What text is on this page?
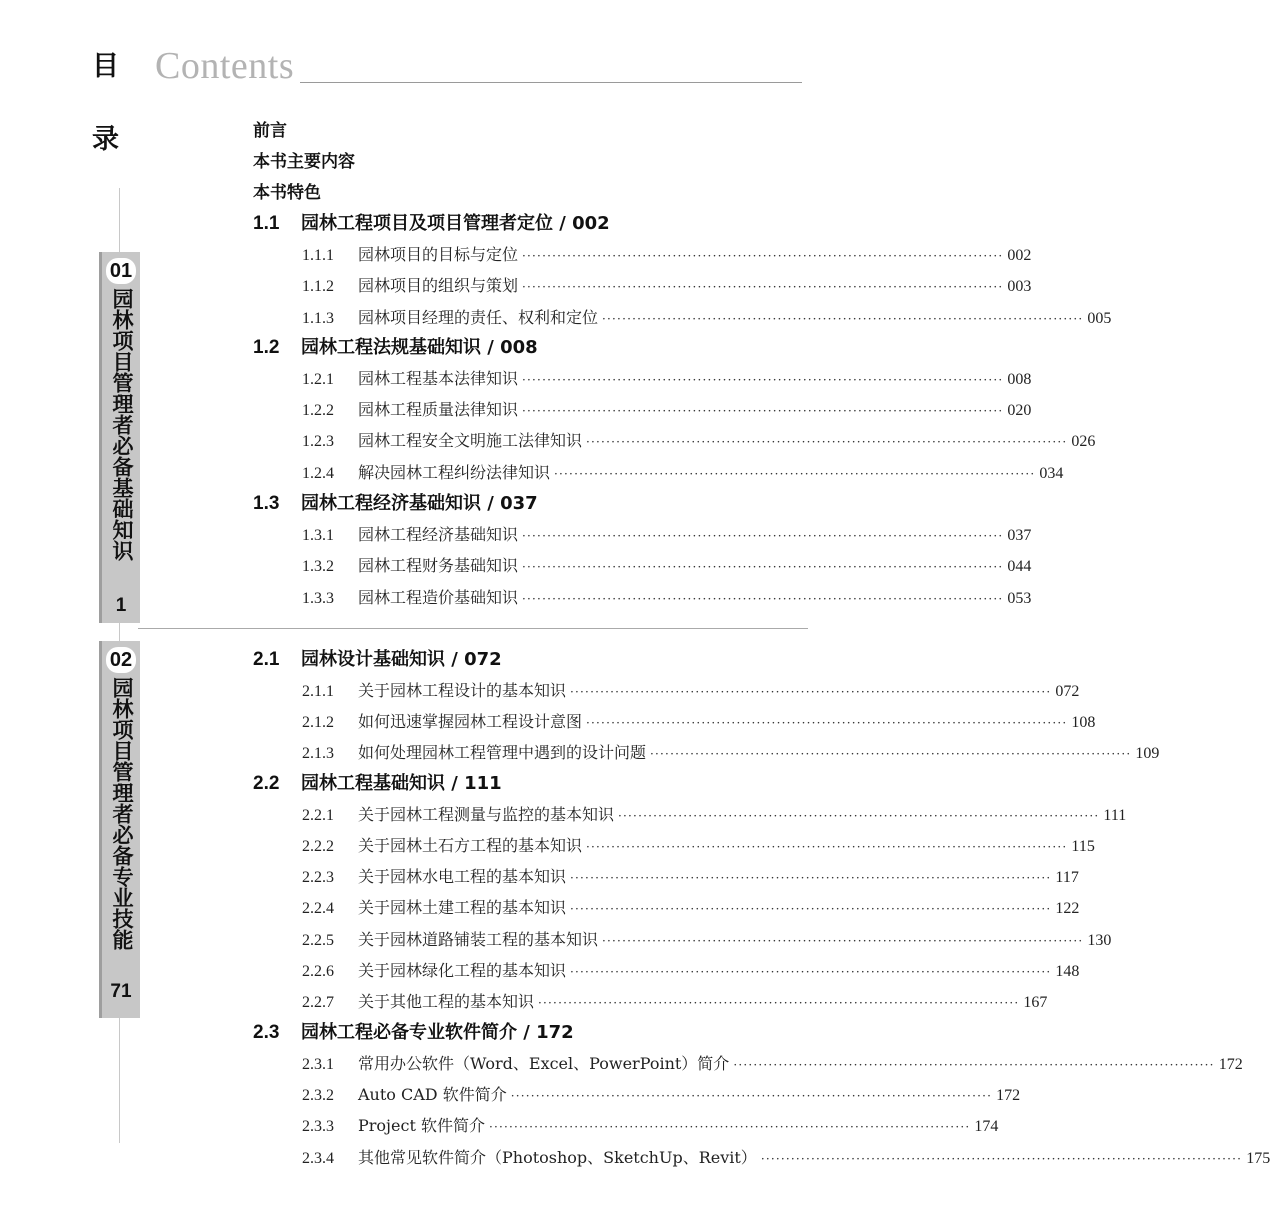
目
录
Contents
01
园林项目管理者必备基础知识
1
02
园林项目管理者必备专业技能
71
前言
本书主要内容
本书特色
1.1 园林工程项目及项目管理者定位 / 002
1.1.1	园林项目的目标与定位 ································································································ 002
1.1.2	园林项目的组织与策划 ································································································ 003
1.1.3	园林项目经理的责任、权利和定位 ································································································ 005
1.2 园林工程法规基础知识 / 008
1.2.1	园林工程基本法律知识 ································································································ 008
1.2.2	园林工程质量法律知识 ································································································ 020
1.2.3	园林工程安全文明施工法律知识 ································································································ 026
1.2.4	解决园林工程纠纷法律知识 ································································································ 034
1.3 园林工程经济基础知识 / 037
1.3.1	园林工程经济基础知识 ································································································ 037
1.3.2	园林工程财务基础知识 ································································································ 044
1.3.3	园林工程造价基础知识 ································································································ 053
2.1 园林设计基础知识 / 072
2.1.1	关于园林工程设计的基本知识 ································································································ 072
2.1.2	如何迅速掌握园林工程设计意图 ································································································ 108
2.1.3	如何处理园林工程管理中遇到的设计问题 ································································································ 109
2.2 园林工程基础知识 / 111
2.2.1	关于园林工程测量与监控的基本知识 ································································································ 111
2.2.2	关于园林土石方工程的基本知识 ································································································ 115
2.2.3	关于园林水电工程的基本知识 ································································································ 117
2.2.4	关于园林土建工程的基本知识 ································································································ 122
2.2.5	关于园林道路铺装工程的基本知识 ································································································ 130
2.2.6	关于园林绿化工程的基本知识 ································································································ 148
2.2.7	关于其他工程的基本知识 ································································································ 167
2.3 园林工程必备专业软件简介 / 172
2.3.1	常用办公软件（Word、Excel、PowerPoint）简介 ································································································ 172
2.3.2	Auto CAD 软件简介 ································································································ 172
2.3.3	Project 软件简介 ································································································ 174
2.3.4	其他常见软件简介（Photoshop、SketchUp、Revit） ································································································ 175
